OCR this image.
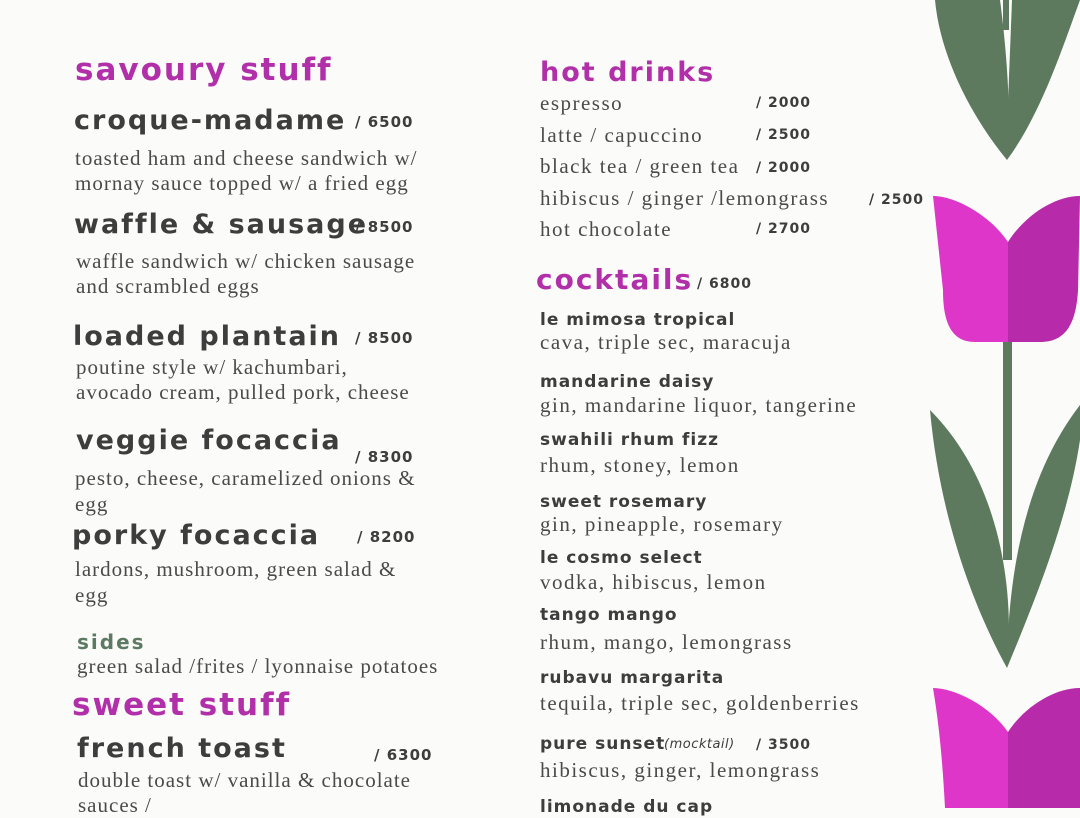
savoury stuff
croque-madame / 6500
toasted ham and cheese sandwich w/
mornay sauce topped w/ a fried egg
waffle & sausage
/ 8500
waffle sandwich w/ chicken sausage
and scrambled eggs
loaded plantain / 8500
poutine style w/ kachumbari,
avocado cream, pulled pork, cheese
veggie focaccia
/ 8300
pesto, cheese, caramelized onions &
egg
porky focaccia / 8200
lardons, mushroom, green salad &
egg
sides
green salad /frites / lyonnaise potatoes
sweet stuff
french toast	/ 6300
double toast w/ vanilla & chocolate
sauces /
hot drinks
espresso	/ 2000
latte / capuccino	/ 2500
black tea / green tea / 2000
hibiscus / ginger /lemongrass	/ 2500
hot chocolate	/ 2700
cocktails / 6800
le mimosa tropical
cava, triple sec, maracuja
mandarine daisy
gin, mandarine liquor, tangerine
swahili rhum fizz
rhum, stoney, lemon
sweet rosemary
gin, pineapple, rosemary
le cosmo select
vodka, hibiscus, lemon
tango mango
rhum, mango, lemongrass
rubavu margarita
tequila, triple sec, goldenberries
pure sunset
(mocktail) / 3500
hibiscus, ginger, lemongrass
limonade du cap
